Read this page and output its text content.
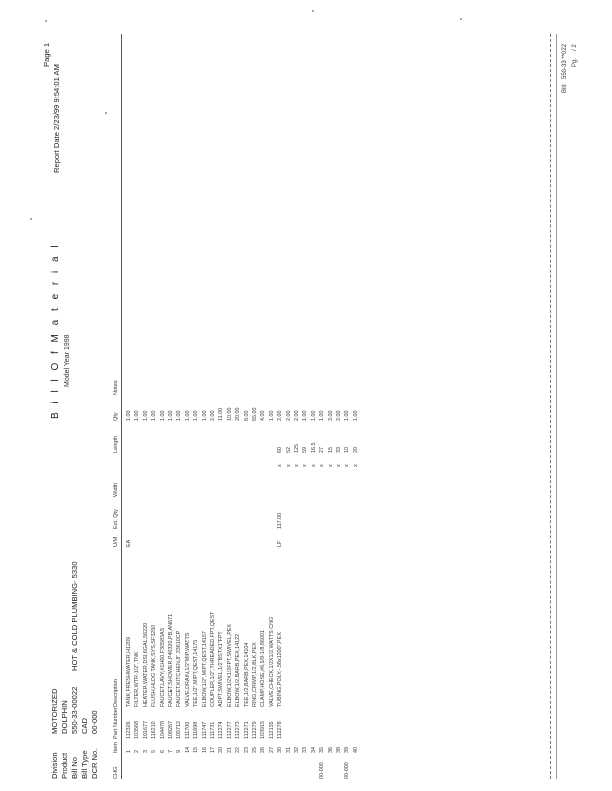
Division
MOTORIZED
Product
DOLPHIN
Bill No
550-33-00022
HOT & COLD PLUMBING- 5330
Bill Type
CAD
DCR No.
00-000
B i l l O f M a t e r i a l Model Year 1998
Page 1
Report Date 2/23/99 9:54:01 AM
CHG
Item
Part Number
Description
U/M
Ext. Qty
Width
Length
Qty
Notes
1
112326
TANK,FRESHWATER,H1209
EA
1.00
2
103568
FILTER,WTR-1/2",TNK
1.00
3
101677
HEATER,WATER,DSI,6GAL,56220
1.00
5
116210
FLUSH,HLDG TANK,SYS,SF3250
1.00
6
104478
FAUCET,LAVY,#1H60,F30583AS
1.00
7
108267
FAUCET,SHOWER,P40320,PB,AN671
1.00
9
105712
FAUCET,KITCHEN,8",33610CP
1.00
14
111700
VALVE,DRAIN,1/2"MIP,WATTS
1.00
15
111698
TEE,1/2",MIPT,QEST,14175
1.00
16
111747
ELBOW,1/2",MIPT,QEST,14157
1.00
17
111731
COUPLER,1/2",THREADED,FPT,QEST
2.00
20
112274
ADPT,SWIVEL,1/2"BSTX1"FPT
11.00
21
112277
ELBOW,1/2X1/2FPT,SWIVEL,PEX
10.00
22
112273
ELBOW,1/2,BARB,PEX,14122
20.00
23
112271
TEE,1/2,BARB,PEX,14104
8.00
25
112279
RING,CRIMP,1/2,BLK,PEX
65.00
26
103915
CLAMP,HOSE,#6,5/8-1/8,86001
4.00
27
112135
VALVE,CHECK,1/2X1/2,WATTS CNG
1.00
30
112278
TUBING,POLY,-.58x1200",PEX
LF
117.00
x
60
2.00
31
x
52
2.00
32
x
125
2.00
33
x
59
1.00
34
x
16.5
1.00
00-000
35
x
27
1.00
36
x
15
3.00
38
x
33
2.00
00-000
39
x
10
1.00
40
x
20
1.00
Bill:
550-33 **022 Pg.
/ 2
